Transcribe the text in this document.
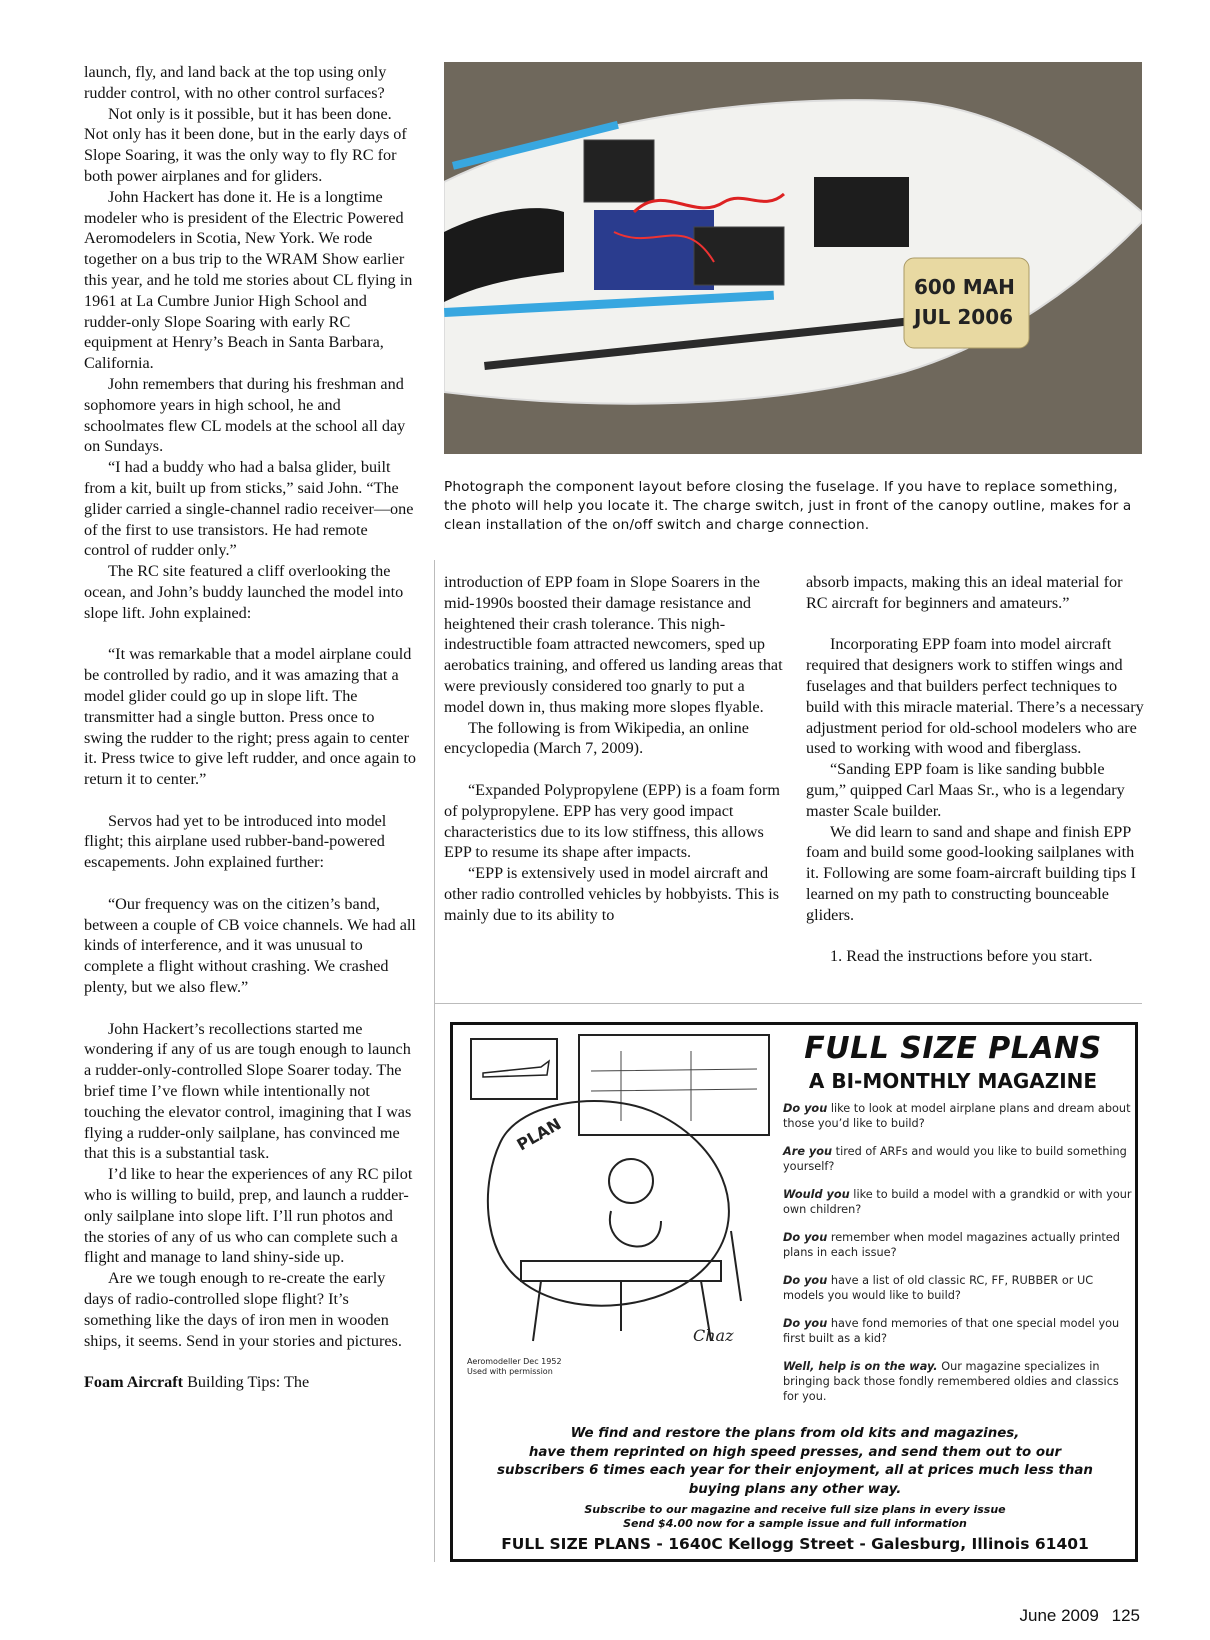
launch, fly, and land back at the top using only rudder control, with no other control surfaces?

Not only is it possible, but it has been done. Not only has it been done, but in the early days of Slope Soaring, it was the only way to fly RC for both power airplanes and for gliders.

John Hackert has done it. He is a longtime modeler who is president of the Electric Powered Aeromodelers in Scotia, New York. We rode together on a bus trip to the WRAM Show earlier this year, and he told me stories about CL flying in 1961 at La Cumbre Junior High School and rudder-only Slope Soaring with early RC equipment at Henry’s Beach in Santa Barbara, California.

John remembers that during his freshman and sophomore years in high school, he and schoolmates flew CL models at the school all day on Sundays.

“I had a buddy who had a balsa glider, built from a kit, built up from sticks,” said John. “The glider carried a single-channel radio receiver—one of the first to use transistors. He had remote control of rudder only.”

The RC site featured a cliff overlooking the ocean, and John’s buddy launched the model into slope lift. John explained:

“It was remarkable that a model airplane could be controlled by radio, and it was amazing that a model glider could go up in slope lift. The transmitter had a single button. Press once to swing the rudder to the right; press again to center it. Press twice to give left rudder, and once again to return it to center.”

Servos had yet to be introduced into model flight; this airplane used rubber-band-powered escapements. John explained further:

“Our frequency was on the citizen’s band, between a couple of CB voice channels. We had all kinds of interference, and it was unusual to complete a flight without crashing. We crashed plenty, but we also flew.”

John Hackert’s recollections started me wondering if any of us are tough enough to launch a rudder-only-controlled Slope Soarer today. The brief time I’ve flown while intentionally not touching the elevator control, imagining that I was flying a rudder-only sailplane, has convinced me that this is a substantial task.

I’d like to hear the experiences of any RC pilot who is willing to build, prep, and launch a rudder-only sailplane into slope lift. I’ll run photos and the stories of any of us who can complete such a flight and manage to land shiny-side up.

Are we tough enough to re-create the early days of radio-controlled slope flight? It’s something like the days of iron men in wooden ships, it seems. Send in your stories and pictures.

Foam Aircraft Building Tips: The

600 MAH
JUL 2006
Photograph the component layout before closing the fuselage. If you have to replace something, the photo will help you locate it. The charge switch, just in front of the canopy outline, makes for a clean installation of the on/off switch and charge connection.

introduction of EPP foam in Slope Soarers in the mid-1990s boosted their damage resistance and heightened their crash tolerance. This nigh-indestructible foam attracted newcomers, sped up aerobatics training, and offered us landing areas that were previously considered too gnarly to put a model down in, thus making more slopes flyable.

The following is from Wikipedia, an online encyclopedia (March 7, 2009).

“Expanded Polypropylene (EPP) is a foam form of polypropylene. EPP has very good impact characteristics due to its low stiffness, this allows EPP to resume its shape after impacts.

“EPP is extensively used in model aircraft and other radio controlled vehicles by hobbyists. This is mainly due to its ability to

absorb impacts, making this an ideal material for RC aircraft for beginners and amateurs.”

Incorporating EPP foam into model aircraft required that designers work to stiffen wings and fuselages and that builders perfect techniques to build with this miracle material. There’s a necessary adjustment period for old-school modelers who are used to working with wood and fiberglass.

“Sanding EPP foam is like sanding bubble gum,” quipped Carl Maas Sr., who is a legendary master Scale builder.

We did learn to sand and shape and finish EPP foam and build some good-looking sailplanes with it. Following are some foam-aircraft building tips I learned on my path to constructing bounceable gliders.

1. Read the instructions before you start.

FULL SIZE PLANS
A BI-MONTHLY MAGAZINE
PLAN
Chaz
Aeromodeller Dec 1952
Used with permission
Do you like to look at model airplane plans and dream about those you’d like to build?
Are you tired of ARFs and would you like to build something yourself?
Would you like to build a model with a grandkid or with your own children?
Do you remember when model magazines actually printed plans in each issue?
Do you have a list of old classic RC, FF, RUBBER or UC models you would like to build?
Do you have fond memories of that one special model you first built as a kid?
Well, help is on the way. Our magazine specializes in bringing back those fondly remembered oldies and classics for you.
We find and restore the plans from old kits and magazines,
have them reprinted on high speed presses, and send them out to our
subscribers 6 times each year for their enjoyment, all at prices much less than
buying plans any other way.
Subscribe to our magazine and receive full size plans in every issue
Send $4.00 now for a sample issue and full information
FULL SIZE PLANS - 1640C Kellogg Street - Galesburg, Illinois 61401
June 2009 125
